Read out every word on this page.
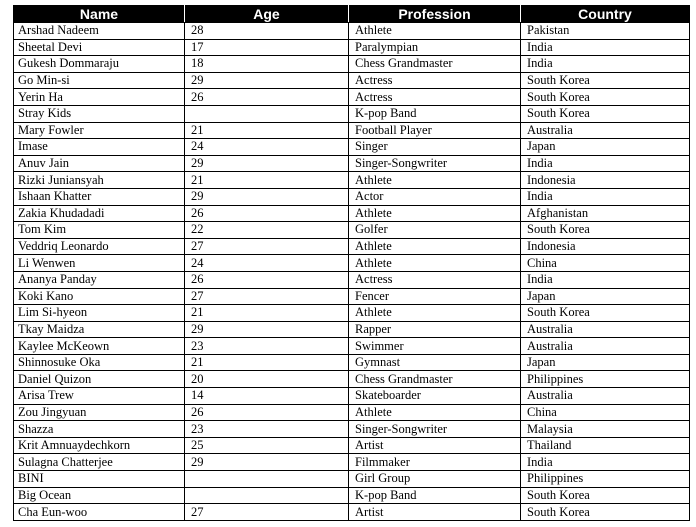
Name	Age	Profession	Country
Arshad Nadeem	28	Athlete	Pakistan
Sheetal Devi	17	Paralympian	India
Gukesh Dommaraju	18	Chess Grandmaster	India
Go Min-si	29	Actress	South Korea
Yerin Ha	26	Actress	South Korea
Stray Kids		K-pop Band	South Korea
Mary Fowler	21	Football Player	Australia
Imase	24	Singer	Japan
Anuv Jain	29	Singer-Songwriter	India
Rizki Juniansyah	21	Athlete	Indonesia
Ishaan Khatter	29	Actor	India
Zakia Khudadadi	26	Athlete	Afghanistan
Tom Kim	22	Golfer	South Korea
Veddriq Leonardo	27	Athlete	Indonesia
Li Wenwen	24	Athlete	China
Ananya Panday	26	Actress	India
Koki Kano	27	Fencer	Japan
Lim Si-hyeon	21	Athlete	South Korea
Tkay Maidza	29	Rapper	Australia
Kaylee McKeown	23	Swimmer	Australia
Shinnosuke Oka	21	Gymnast	Japan
Daniel Quizon	20	Chess Grandmaster	Philippines
Arisa Trew	14	Skateboarder	Australia
Zou Jingyuan	26	Athlete	China
Shazza	23	Singer-Songwriter	Malaysia
Krit Amnuaydechkorn	25	Artist	Thailand
Sulagna Chatterjee	29	Filmmaker	India
BINI		Girl Group	Philippines
Big Ocean		K-pop Band	South Korea
Cha Eun-woo	27	Artist	South Korea
